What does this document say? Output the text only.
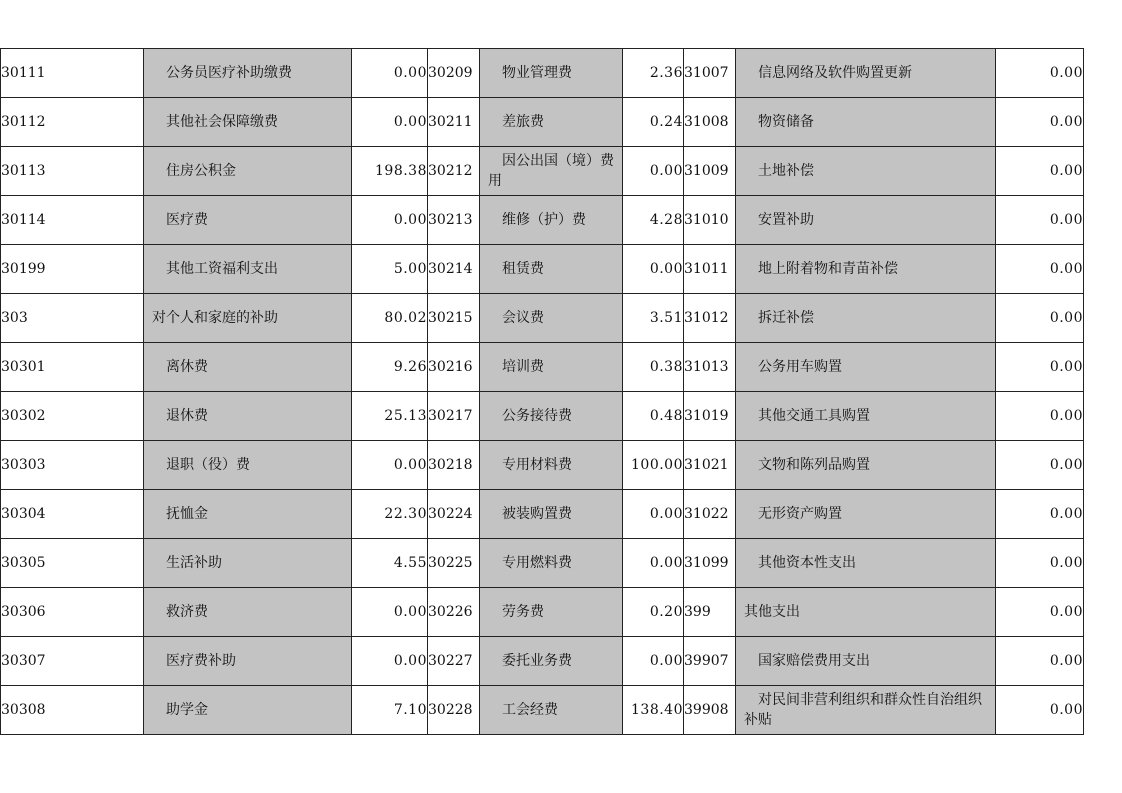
30111	公务员医疗补助缴费	0.00	30209	物业管理费	2.36	31007	信息网络及软件购置更新	0.00
30112	其他社会保障缴费	0.00	30211	差旅费	0.24	31008	物资储备	0.00
30113	住房公积金	198.38	30212	因公出国（境）费用	0.00	31009	土地补偿	0.00
30114	医疗费	0.00	30213	维修（护）费	4.28	31010	安置补助	0.00
30199	其他工资福利支出	5.00	30214	租赁费	0.00	31011	地上附着物和青苗补偿	0.00
303	对个人和家庭的补助	80.02	30215	会议费	3.51	31012	拆迁补偿	0.00
30301	离休费	9.26	30216	培训费	0.38	31013	公务用车购置	0.00
30302	退休费	25.13	30217	公务接待费	0.48	31019	其他交通工具购置	0.00
30303	退职（役）费	0.00	30218	专用材料费	100.00	31021	文物和陈列品购置	0.00
30304	抚恤金	22.30	30224	被装购置费	0.00	31022	无形资产购置	0.00
30305	生活补助	4.55	30225	专用燃料费	0.00	31099	其他资本性支出	0.00
30306	救济费	0.00	30226	劳务费	0.20	399	其他支出	0.00
30307	医疗费补助	0.00	30227	委托业务费	0.00	39907	国家赔偿费用支出	0.00
30308	助学金	7.10	30228	工会经费	138.40	39908	对民间非营利组织和群众性自治组织补贴	0.00
